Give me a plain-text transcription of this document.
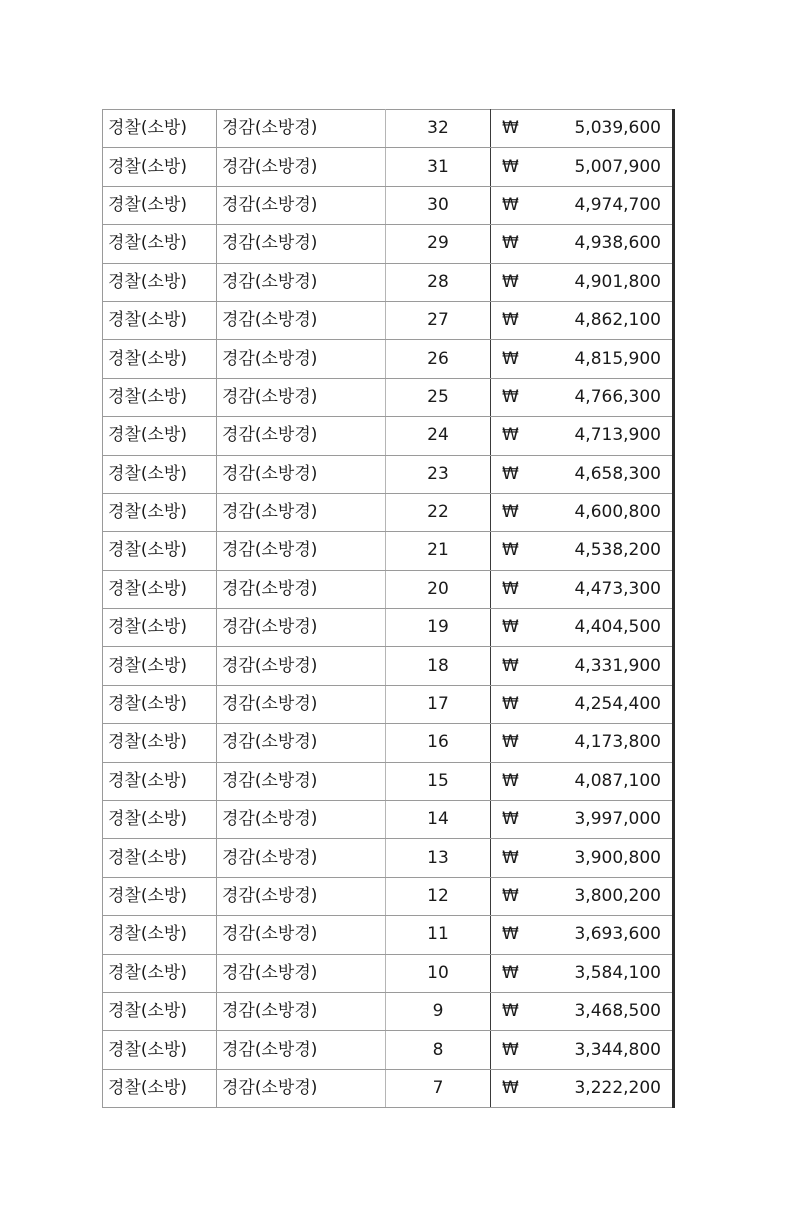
경찰(소방)	경감(소방경)	32	₩	5,039,600
경찰(소방)	경감(소방경)	31	₩	5,007,900
경찰(소방)	경감(소방경)	30	₩	4,974,700
경찰(소방)	경감(소방경)	29	₩	4,938,600
경찰(소방)	경감(소방경)	28	₩	4,901,800
경찰(소방)	경감(소방경)	27	₩	4,862,100
경찰(소방)	경감(소방경)	26	₩	4,815,900
경찰(소방)	경감(소방경)	25	₩	4,766,300
경찰(소방)	경감(소방경)	24	₩	4,713,900
경찰(소방)	경감(소방경)	23	₩	4,658,300
경찰(소방)	경감(소방경)	22	₩	4,600,800
경찰(소방)	경감(소방경)	21	₩	4,538,200
경찰(소방)	경감(소방경)	20	₩	4,473,300
경찰(소방)	경감(소방경)	19	₩	4,404,500
경찰(소방)	경감(소방경)	18	₩	4,331,900
경찰(소방)	경감(소방경)	17	₩	4,254,400
경찰(소방)	경감(소방경)	16	₩	4,173,800
경찰(소방)	경감(소방경)	15	₩	4,087,100
경찰(소방)	경감(소방경)	14	₩	3,997,000
경찰(소방)	경감(소방경)	13	₩	3,900,800
경찰(소방)	경감(소방경)	12	₩	3,800,200
경찰(소방)	경감(소방경)	11	₩	3,693,600
경찰(소방)	경감(소방경)	10	₩	3,584,100
경찰(소방)	경감(소방경)	9	₩	3,468,500
경찰(소방)	경감(소방경)	8	₩	3,344,800
경찰(소방)	경감(소방경)	7	₩	3,222,200
